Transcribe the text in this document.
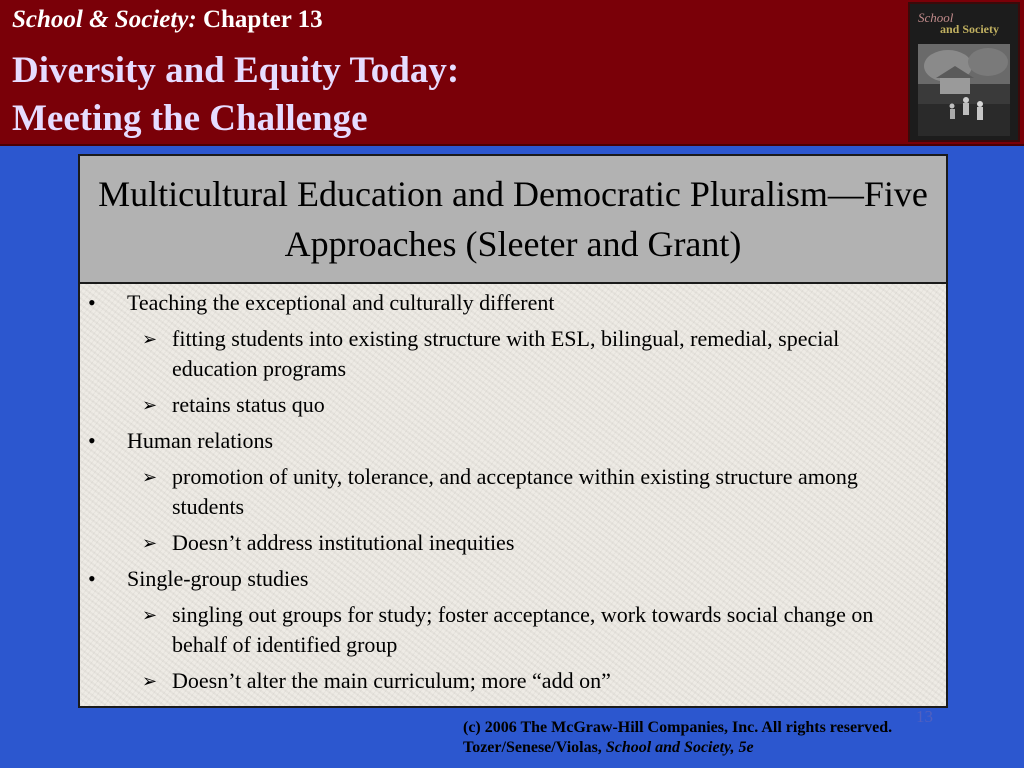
School & Society: Chapter 13
Diversity and Equity Today:
Meeting the Challenge
School
and Society
Multicultural Education and Democratic Pluralism—Five Approaches (Sleeter and Grant)
• Teaching the exceptional and culturally different
➢ fitting students into existing structure with ESL, bilingual, remedial, special education programs
➢ retains status quo
• Human relations
➢ promotion of unity, tolerance, and acceptance within existing structure among students
➢ Doesn’t address institutional inequities
• Single-group studies
➢ singling out groups for study; foster acceptance, work towards social change on behalf of identified group
➢ Doesn’t alter the main curriculum; more “add on”
(c) 2006 The McGraw-Hill Companies, Inc. All rights reserved.
Tozer/Senese/Violas, School and Society, 5e
13
